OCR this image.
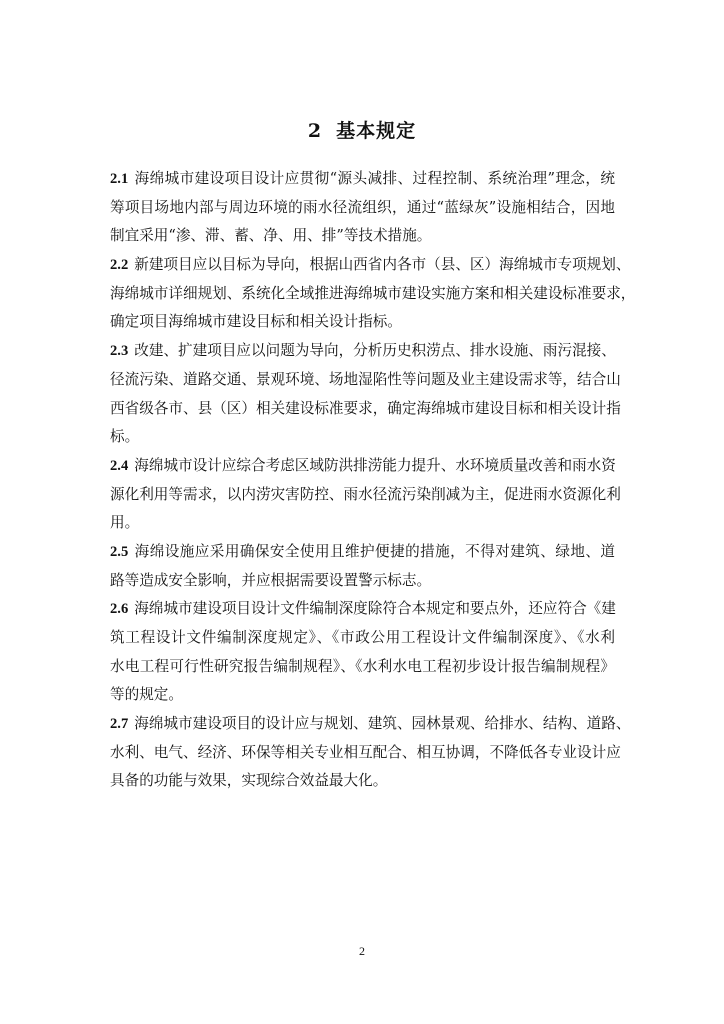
2 基本规定
2.1 海绵城市建设项目设计应贯彻“源头减排、过程控制、系统治理”理念，统
筹项目场地内部与周边环境的雨水径流组织，通过“蓝绿灰”设施相结合，因地
制宜采用“渗、滞、蓄、净、用、排”等技术措施。
2.2 新建项目应以目标为导向，根据山西省内各市（县、区）海绵城市专项规划、
海绵城市详细规划、系统化全域推进海绵城市建设实施方案和相关建设标准要求，
确定项目海绵城市建设目标和相关设计指标。
2.3 改建、扩建项目应以问题为导向，分析历史积涝点、排水设施、雨污混接、
径流污染、道路交通、景观环境、场地湿陷性等问题及业主建设需求等，结合山
西省级各市、县（区）相关建设标准要求，确定海绵城市建设目标和相关设计指
标。
2.4 海绵城市设计应综合考虑区域防洪排涝能力提升、水环境质量改善和雨水资
源化利用等需求，以内涝灾害防控、雨水径流污染削减为主，促进雨水资源化利
用。
2.5 海绵设施应采用确保安全使用且维护便捷的措施，不得对建筑、绿地、道
路等造成安全影响，并应根据需要设置警示标志。
2.6 海绵城市建设项目设计文件编制深度除符合本规定和要点外，还应符合《建
筑工程设计文件编制深度规定》、《市政公用工程设计文件编制深度》、《水利
水电工程可行性研究报告编制规程》、《水利水电工程初步设计报告编制规程》
等的规定。
2.7 海绵城市建设项目的设计应与规划、建筑、园林景观、给排水、结构、道路、
水利、电气、经济、环保等相关专业相互配合、相互协调，不降低各专业设计应
具备的功能与效果，实现综合效益最大化。
2
